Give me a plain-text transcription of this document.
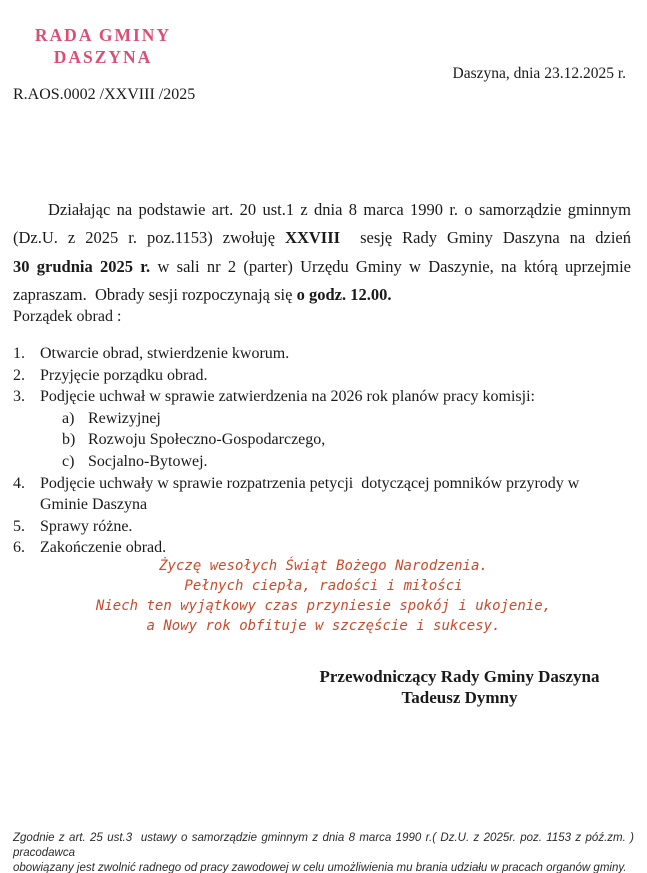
RADA GMINY
DASZYNA
Daszyna, dnia 23.12.2025 r.
R.AOS.0002 /XXVIII /2025
Działając na podstawie art. 20 ust.1 z dnia 8 marca 1990 r. o samorządzie gminnym
(Dz.U. z 2025 r. poz.1153) zwołuję XXVIII  sesję Rady Gminy Daszyna na dzień
30 grudnia 2025 r. w sali nr 2 (parter) Urzędu Gminy w Daszynie, na którą uprzejmie
zapraszam.  Obrady sesji rozpoczynają się o godz. 12.00.
Porządek obrad :
1. Otwarcie obrad, stwierdzenie kworum.
2. Przyjęcie porządku obrad.
3. Podjęcie uchwał w sprawie zatwierdzenia na 2026 rok planów pracy komisji:
a) Rewizyjnej
b) Rozwoju Społeczno-Gospodarczego,
c) Socjalno-Bytowej.
4. Podjęcie uchwały w sprawie rozpatrzenia petycji  dotyczącej pomników przyrody w Gminie Daszyna
5. Sprawy różne.
6. Zakończenie obrad.
Życzę wesołych Świąt Bożego Narodzenia.
Pełnych ciepła, radości i miłości
Niech ten wyjątkowy czas przyniesie spokój i ukojenie,
a Nowy rok obfituje w szczęście i sukcesy.
Przewodniczący Rady Gminy Daszyna
Tadeusz Dymny
Zgodnie z art. 25 ust.3  ustawy o samorządzie gminnym z dnia 8 marca 1990 r.( Dz.U. z 2025r. poz. 1153 z póź.zm. ) pracodawca
obowiązany jest zwolnić radnego od pracy zawodowej w celu umożliwienia mu brania udziału w pracach organów gminy.
